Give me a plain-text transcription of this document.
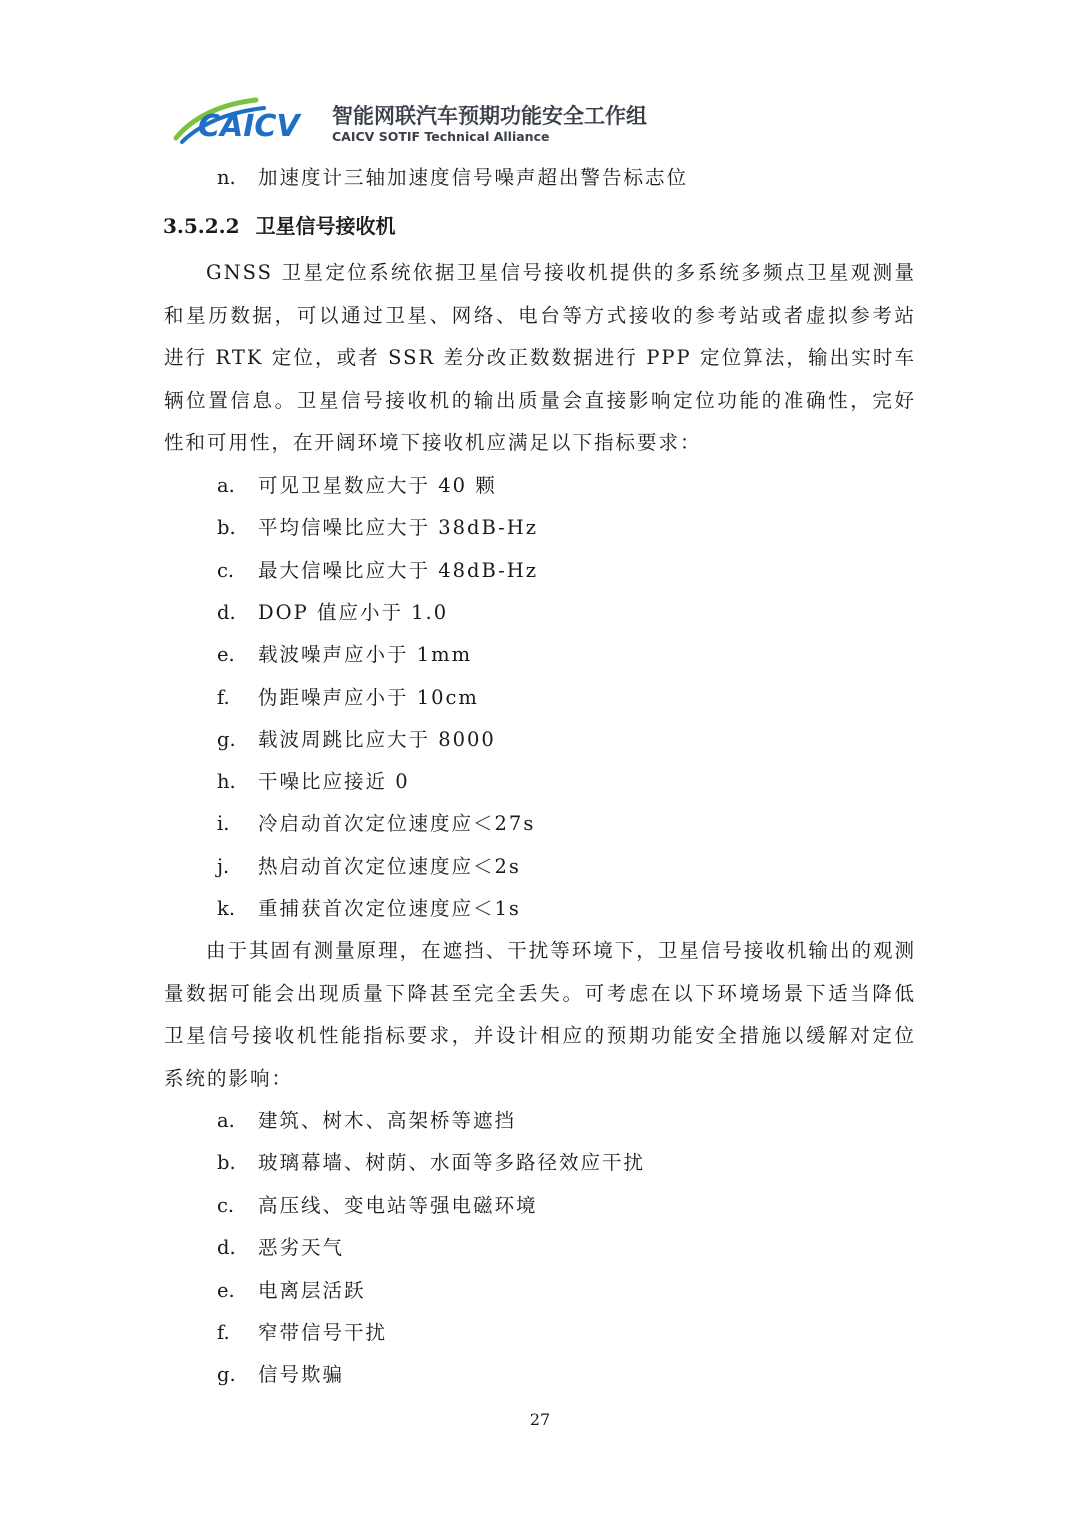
CAICV 智能网联汽车预期功能安全工作组
CAICV SOTIF Technical Alliance
n. 加速度计三轴加速度信号噪声超出警告标志位
3.5.2.2 卫星信号接收机
GNSS 卫星定位系统依据卫星信号接收机提供的多系统多频点卫星观测量和星历数据，可以通过卫星、网络、电台等方式接收的参考站或者虚拟参考站进行 RTK 定位，或者 SSR 差分改正数数据进行 PPP 定位算法，输出实时车辆位置信息。卫星信号接收机的输出质量会直接影响定位功能的准确性，完好性和可用性，在开阔环境下接收机应满足以下指标要求：
a. 可见卫星数应大于 40 颗
b. 平均信噪比应大于 38dB-Hz
c. 最大信噪比应大于 48dB-Hz
d. DOP 值应小于 1.0
e. 载波噪声应小于 1mm
f. 伪距噪声应小于 10cm
g. 载波周跳比应大于 8000
h. 干噪比应接近 0
i. 冷启动首次定位速度应＜27s
j. 热启动首次定位速度应＜2s
k. 重捕获首次定位速度应＜1s
由于其固有测量原理，在遮挡、干扰等环境下，卫星信号接收机输出的观测量数据可能会出现质量下降甚至完全丢失。可考虑在以下环境场景下适当降低卫星信号接收机性能指标要求，并设计相应的预期功能安全措施以缓解对定位系统的影响：
a. 建筑、树木、高架桥等遮挡
b. 玻璃幕墙、树荫、水面等多路径效应干扰
c. 高压线、变电站等强电磁环境
d. 恶劣天气
e. 电离层活跃
f. 窄带信号干扰
g. 信号欺骗
27
